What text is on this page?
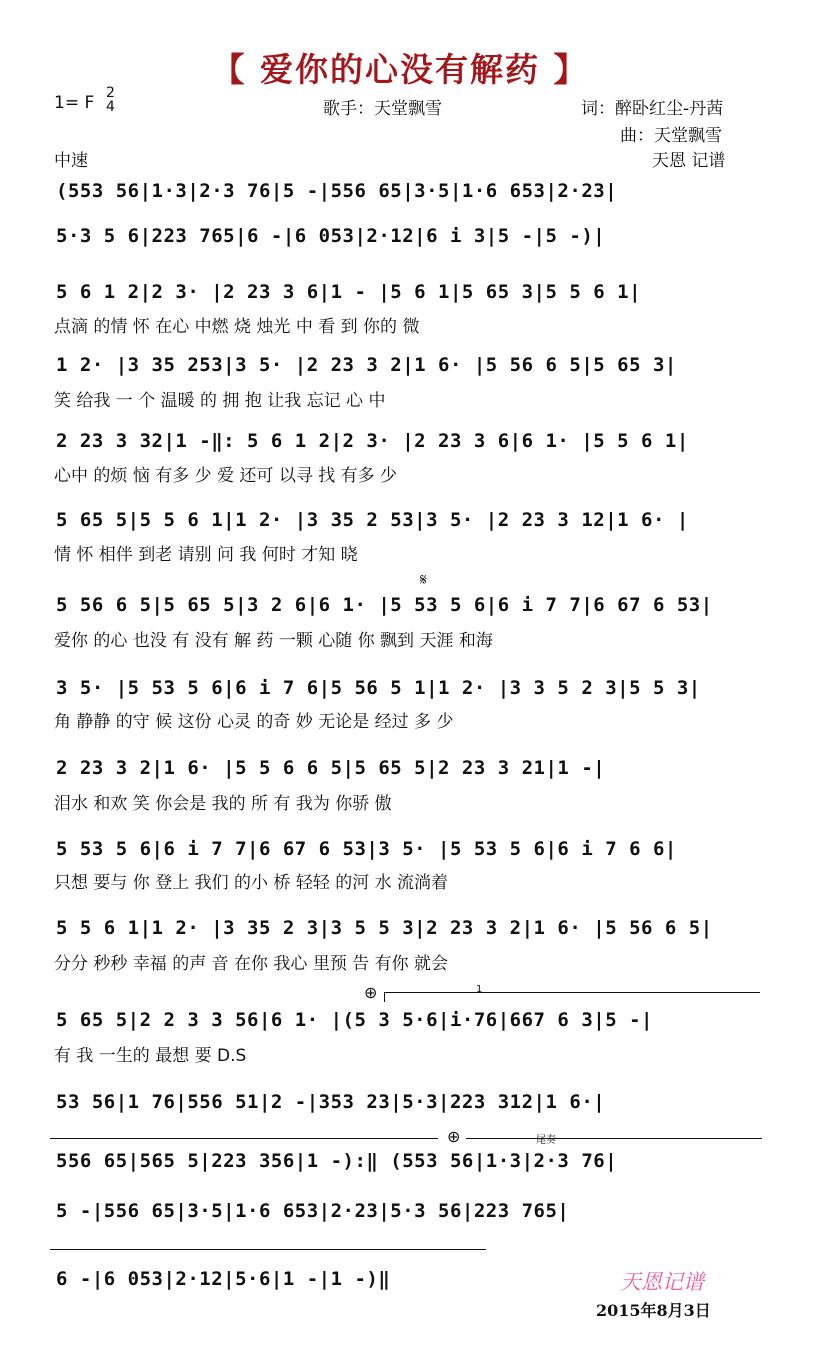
【 爱你的心没有解药 】
1= F 2
4	歌手：天堂飘雪	词：醉卧红尘-丹茜
曲：天堂飘雪
中速	天恩 记谱
(553 56|1·3|2·3 76|5 -|556 65|3·5|1·6 653|2·23|
5·3 5 6|223 765|6 -|6 053|2·12|6 i 3|5 -|5 -)|
5 6 1 2|2 3· |2 23 3 6|1 - |5 6 1|5 65 3|5 5 6 1|
点滴 的情 怀 在心 中燃 烧 烛光 中 看 到 你的 微
1 2· |3 35 253|3 5· |2 23 3 2|1 6· |5 56 6 5|5 65 3|
笑 给我 一 个 温暖 的 拥 抱 让我 忘记 心 中
2 23 3 32|1 -‖: 5 6 1 2|2 3· |2 23 3 6|6 1· |5 5 6 1|
心中 的烦 恼 有多 少 爱 还可 以寻 找 有多 少
5 65 5|5 5 6 1|1 2· |3 35 2 53|3 5· |2 23 3 12|1 6· |
情 怀 相伴 到老 请别 问 我 何时 才知 晓
𝄋
5 56 6 5|5 65 5|3 2 6|6 1· |5 53 5 6|6 i 7 7|6 67 6 53|
爱你 的心 也没 有 没有 解 药 一颗 心随 你 飘到 天涯 和海
3 5· |5 53 5 6|6 i 7 6|5 56 5 1|1 2· |3 3 5 2 3|5 5 3|
角 静静 的守 候 这份 心灵 的奇 妙 无论是 经过 多 少
2 23 3 2|1 6· |5 5 6 6 5|5 65 5|2 23 3 21|1 -|
泪水 和欢 笑 你会是 我的 所 有 我为 你骄 傲
5 53 5 6|6 i 7 7|6 67 6 53|3 5· |5 53 5 6|6 i 7 6 6|
只想 要与 你 登上 我们 的小 桥 轻轻 的河 水 流淌着
5 5 6 1|1 2· |3 35 2 3|3 5 5 3|2 23 3 2|1 6· |5 56 6 5|
分分 秒秒 幸福 的声 音 在你 我心 里预 告 有你 就会
⊕	1
5 65 5|2 2 3 3 56|6 1· |(5 3 5·6|i·76|667 6 3|5 -|
有 我 一生的 最想 要 D.S
53 56|1 76|556 51|2 -|353 23|5·3|223 312|1 6·|
⊕	尾奏
556 65|565 5|223 356|1 -):‖ (553 56|1·3|2·3 76|
5 -|556 65|3·5|1·6 653|2·23|5·3 56|223 765|
6 -|6 053|2·12|5·6|1 -|1 -)‖	天恩记谱
2015年8月3日
